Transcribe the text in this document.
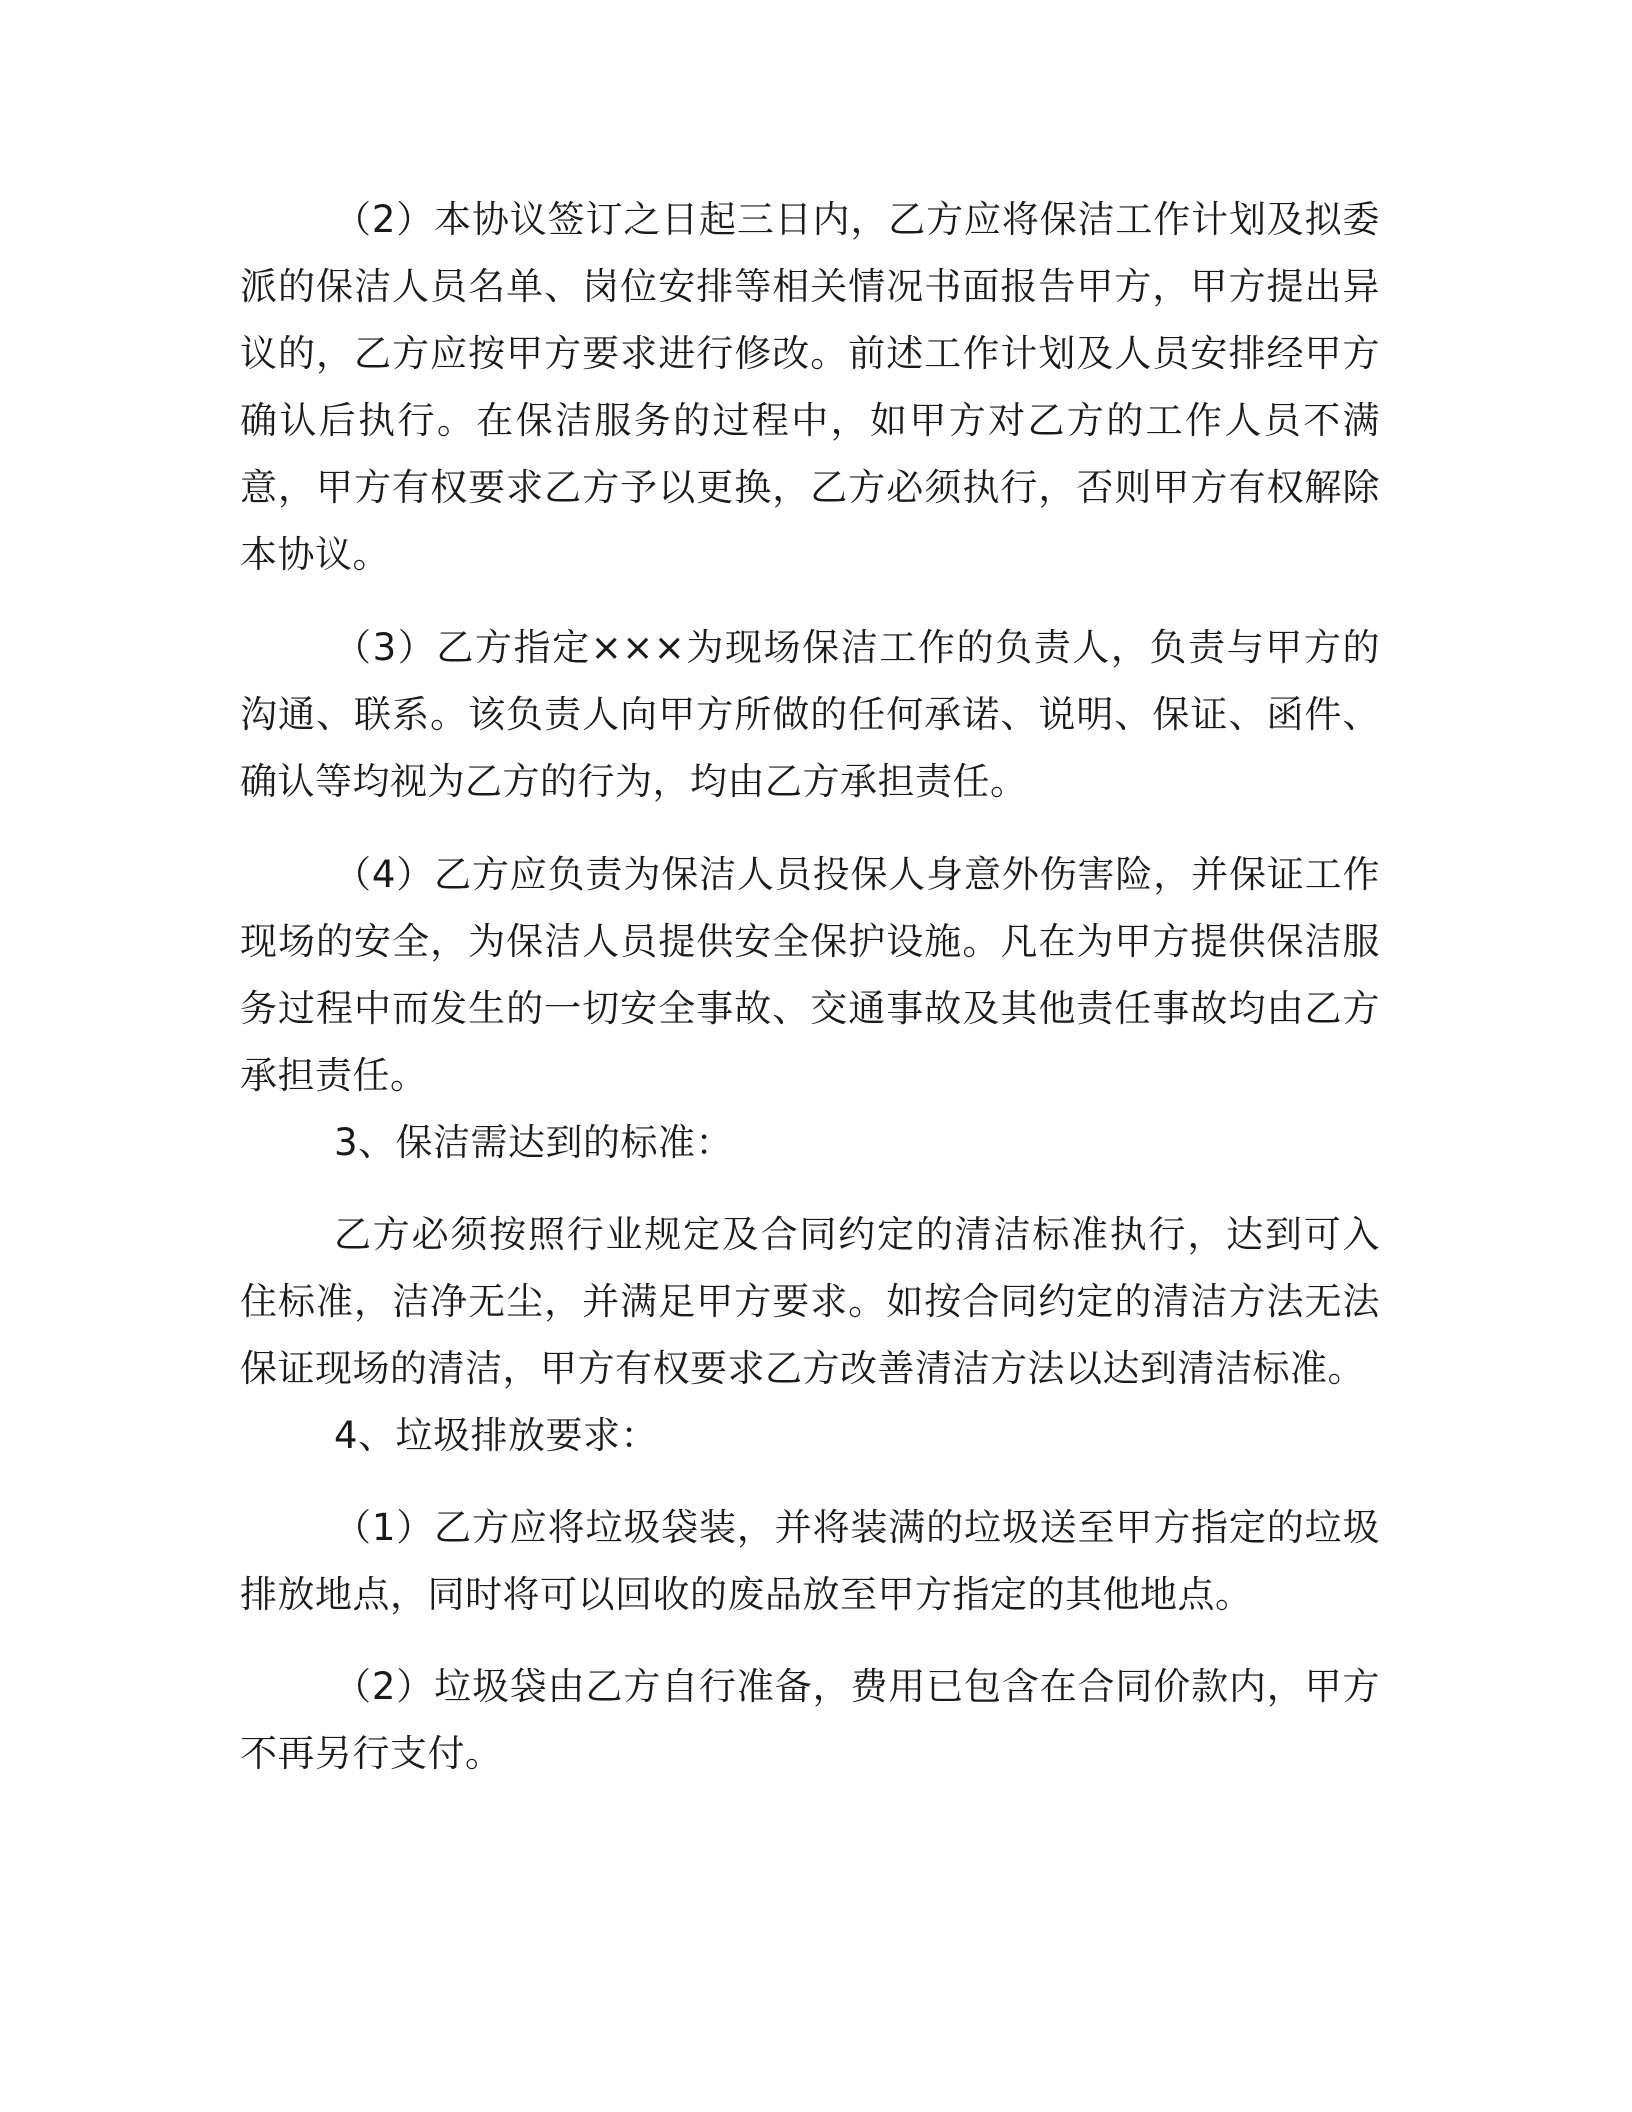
（2）本协议签订之日起三日内，乙方应将保洁工作计划及拟委派的保洁人员名单、岗位安排等相关情况书面报告甲方，甲方提出异议的，乙方应按甲方要求进行修改。前述工作计划及人员安排经甲方确认后执行。在保洁服务的过程中，如甲方对乙方的工作人员不满意，甲方有权要求乙方予以更换，乙方必须执行，否则甲方有权解除本协议。

（3）乙方指定×××为现场保洁工作的负责人，负责与甲方的沟通、联系。该负责人向甲方所做的任何承诺、说明、保证、函件、确认等均视为乙方的行为，均由乙方承担责任。

（4）乙方应负责为保洁人员投保人身意外伤害险，并保证工作现场的安全，为保洁人员提供安全保护设施。凡在为甲方提供保洁服务过程中而发生的一切安全事故、交通事故及其他责任事故均由乙方承担责任。

3、保洁需达到的标准：

乙方必须按照行业规定及合同约定的清洁标准执行，达到可入住标准，洁净无尘，并满足甲方要求。如按合同约定的清洁方法无法保证现场的清洁，甲方有权要求乙方改善清洁方法以达到清洁标准。

4、垃圾排放要求：

（1）乙方应将垃圾袋装，并将装满的垃圾送至甲方指定的垃圾排放地点，同时将可以回收的废品放至甲方指定的其他地点。

（2）垃圾袋由乙方自行准备，费用已包含在合同价款内，甲方不再另行支付。
